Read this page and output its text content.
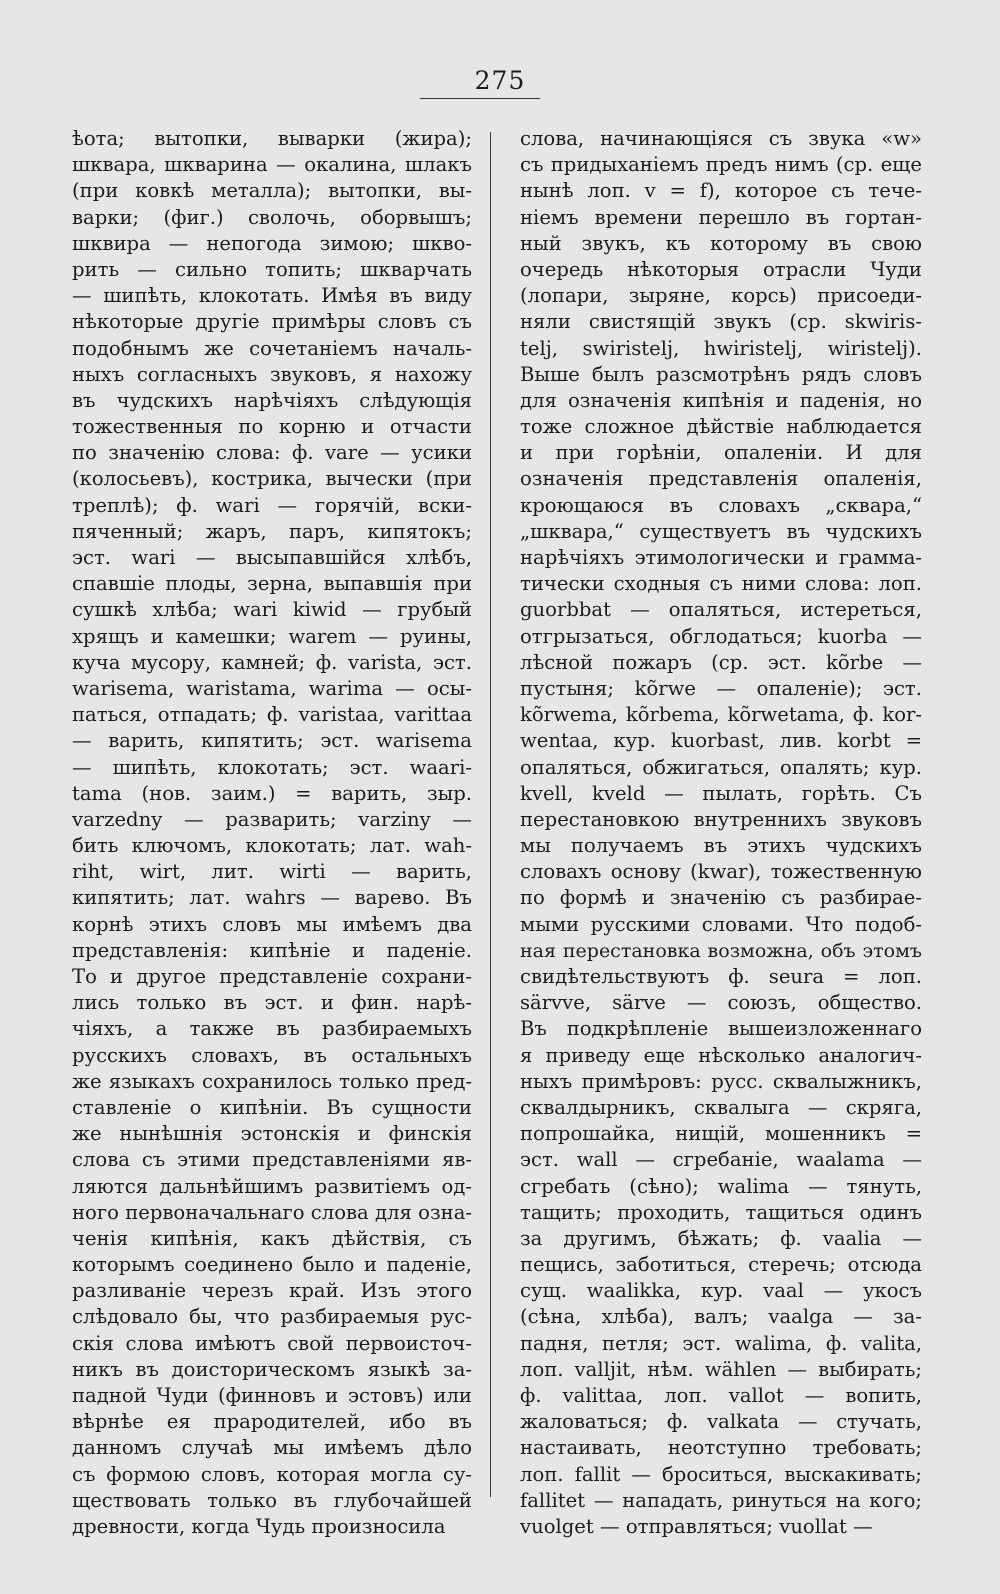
275
ѣота; вытопки, выварки (жира);
шквара, шкварина — окалина, шлакъ
(при ковкѣ металла); вытопки, вы-
варки; (фиг.) сволочь, оборвышъ;
шквира — непогода зимою; шкво-
рить — сильно топить; шкварчать
— шипѣть, клокотать. Имѣя въ виду
нѣкоторые другіе примѣры словъ съ
подобнымъ же сочетаніемъ началь-
ныхъ согласныхъ звуковъ, я нахожу
въ чудскихъ нарѣчіяхъ слѣдующія
тожественныя по корню и отчасти
по значенію слова: ф. vare — усики
(колосьевъ), кострика, вычески (при
треплѣ); ф. wari — горячій, вски-
пяченный; жаръ, паръ, кипятокъ;
эст. wari — высыпавшійся хлѣбъ,
спавшіе плоды, зерна, выпавшія при
сушкѣ хлѣба; wari kiwid — грубый
хрящъ и камешки; warem — руины,
куча мусору, камней; ф. varista, эст.
warisema, waristama, warima — осы-
паться, отпадать; ф. varistaa, varittaa
— варить, кипятить; эст. warisema
— шипѣть, клокотать; эст. waari-
tama (нов. заим.) = варить, зыр.
varzedny — разварить; varziny —
бить ключомъ, клокотать; лат. wah-
riht, wirt, лит. wirti — варить,
кипятить; лат. wahrs — варево. Въ
корнѣ этихъ словъ мы имѣемъ два
представленія: кипѣніе и паденіе.
То и другое представленіе сохрани-
лись только въ эст. и фин. нарѣ-
чіяхъ, а также въ разбираемыхъ
русскихъ словахъ, въ остальныхъ
же языкахъ сохранилось только пред-
ставленіе о кипѣніи. Въ сущности
же нынѣшнія эстонскія и финскія
слова съ этими представленіями яв-
ляются дальнѣйшимъ развитіемъ од-
ного первоначальнаго слова для озна-
ченія кипѣнія, какъ дѣйствія, съ
которымъ соединено было и паденіе,
разливаніе черезъ край. Изъ этого
слѣдовало бы, что разбираемыя рус-
скія слова имѣютъ свой первоисточ-
никъ въ доисторическомъ языкѣ за-
падной Чуди (финновъ и эстовъ) или
вѣрнѣе ея прародителей, ибо въ
данномъ случаѣ мы имѣемъ дѣло
съ формою словъ, которая могла су-
ществовать только въ глубочайшей
древности, когда Чудь произносила
слова, начинающіяся съ звука «w»
съ придыханіемъ предъ нимъ (ср. еще
нынѣ лоп. v = f), которое съ тече-
ніемъ времени перешло въ гортан-
ный звукъ, къ которому въ свою
очередь нѣкоторыя отрасли Чуди
(лопари, зыряне, корсь) присоеди-
няли свистящій звукъ (ср. skwiris-
telj, swiristelj, hwiristelj, wiristelj).
Выше былъ разсмотрѣнъ рядъ словъ
для означенія кипѣнія и паденія, но
тоже сложное дѣйствіе наблюдается
и при горѣніи, опаленіи. И для
означенія представленія опаленія,
кроющаюся въ словахъ „сквара,“
„шквара,“ существуетъ въ чудскихъ
нарѣчіяхъ этимологически и грамма-
тически сходныя съ ними слова: лоп.
guorbbat — опаляться, истереться,
отгрызаться, обглодаться; kuorba —
лѣсной пожаръ (ср. эст. kõrbe —
пустыня; kõrwe — опаленіе); эст.
kõrwema, kõrbema, kõrwetama, ф. kor-
wentaa, кур. kuorbast, лив. korbt =
опаляться, обжигаться, опалять; кур.
kvell, kveld — пылать, горѣть. Съ
перестановкою внутреннихъ звуковъ
мы получаемъ въ этихъ чудскихъ
словахъ основу (kwar), тожественную
по формѣ и значенію съ разбирае-
мыми русскими словами. Что подоб-
ная перестановка возможна, объ этомъ
свидѣтельствуютъ ф. seura = лоп.
särvve, särve — союзъ, общество.
Въ подкрѣпленіе вышеизложеннаго
я приведу еще нѣсколько аналогич-
ныхъ примѣровъ: русс. сквалыжникъ,
сквалдырникъ, сквалыга — скряга,
попрошайка, нищій, мошенникъ =
эст. wall — сгребаніе, waalama —
сгребать (сѣно); walima — тянуть,
тащить; проходить, тащиться одинъ
за другимъ, бѣжать; ф. vaalia —
пещись, заботиться, стеречь; отсюда
сущ. waalikka, кур. vaal — укосъ
(сѣна, хлѣба), валъ; vaalga — за-
падня, петля; эст. walima, ф. valita,
лоп. valljit, нѣм. wählen — выбирать;
ф. valittaa, лоп. vallot — вопить,
жаловаться; ф. valkata — стучать,
настаивать, неотступно требовать;
лоп. fallit — броситься, выскакивать;
fallitet — нападать, ринуться на кого;
vuolget — отправляться; vuollat —
